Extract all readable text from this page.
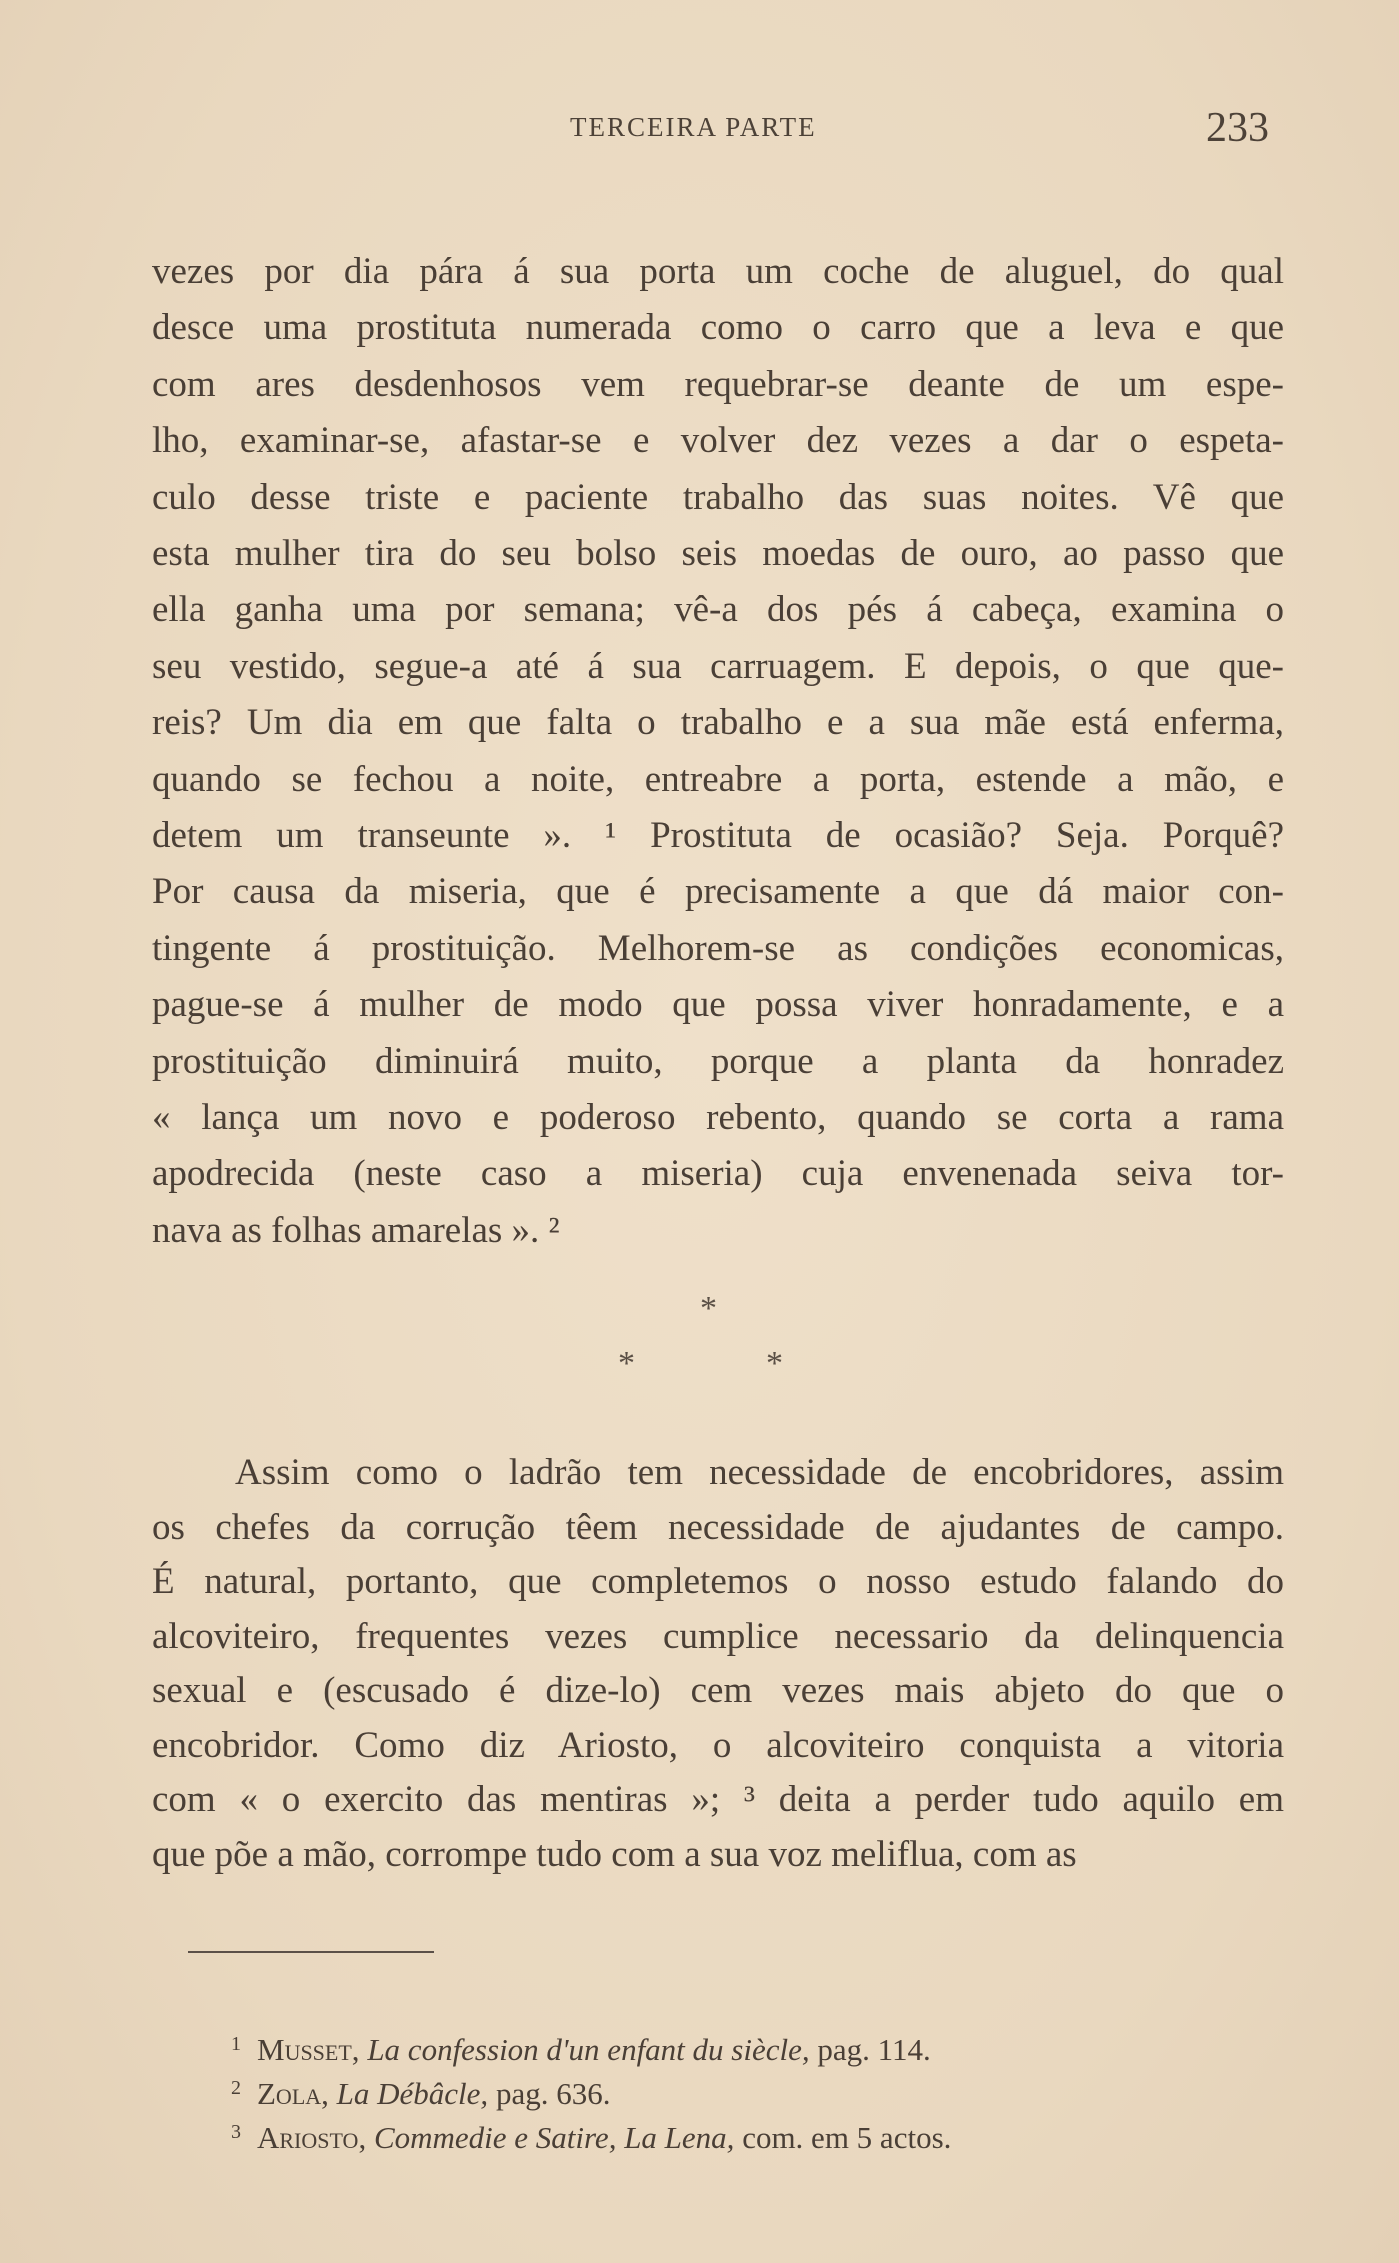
TERCEIRA PARTE	233
vezes por dia pára á sua porta um coche de aluguel, do qual
desce uma prostituta numerada como o carro que a leva e que
com ares desdenhosos vem requebrar-se deante de um espe-
lho, examinar-se, afastar-se e volver dez vezes a dar o espeta-
culo desse triste e paciente trabalho das suas noites. Vê que
esta mulher tira do seu bolso seis moedas de ouro, ao passo que
ella ganha uma por semana; vê-a dos pés á cabeça, examina o
seu vestido, segue-a até á sua carruagem. E depois, o que que-
reis? Um dia em que falta o trabalho e a sua mãe está enferma,
quando se fechou a noite, entreabre a porta, estende a mão, e
detem um transeunte ». ¹ Prostituta de ocasião? Seja. Porquê?
Por causa da miseria, que é precisamente a que dá maior con-
tingente á prostituição. Melhorem-se as condições economicas,
pague-se á mulher de modo que possa viver honradamente, e a
prostituição diminuirá muito, porque a planta da honradez
« lança um novo e poderoso rebento, quando se corta a rama
apodrecida (neste caso a miseria) cuja envenenada seiva tor-
nava as folhas amarelas ». ²
*
*	*
Assim como o ladrão tem necessidade de encobridores, assim
os chefes da corrução têem necessidade de ajudantes de campo.
É natural, portanto, que completemos o nosso estudo falando do
alcoviteiro, frequentes vezes cumplice necessario da delinquencia
sexual e (escusado é dize-lo) cem vezes mais abjeto do que o
encobridor. Como diz Ariosto, o alcoviteiro conquista a vitoria
com « o exercito das mentiras »; ³ deita a perder tudo aquilo em
que põe a mão, corrompe tudo com a sua voz meliflua, com as
$^1$ Musset, La confession d'un enfant du siècle, pag. 114.
$^2$ Zola, La Débâcle, pag. 636.
$^3$ Ariosto, Commedie e Satire, La Lena, com. em 5 actos.
